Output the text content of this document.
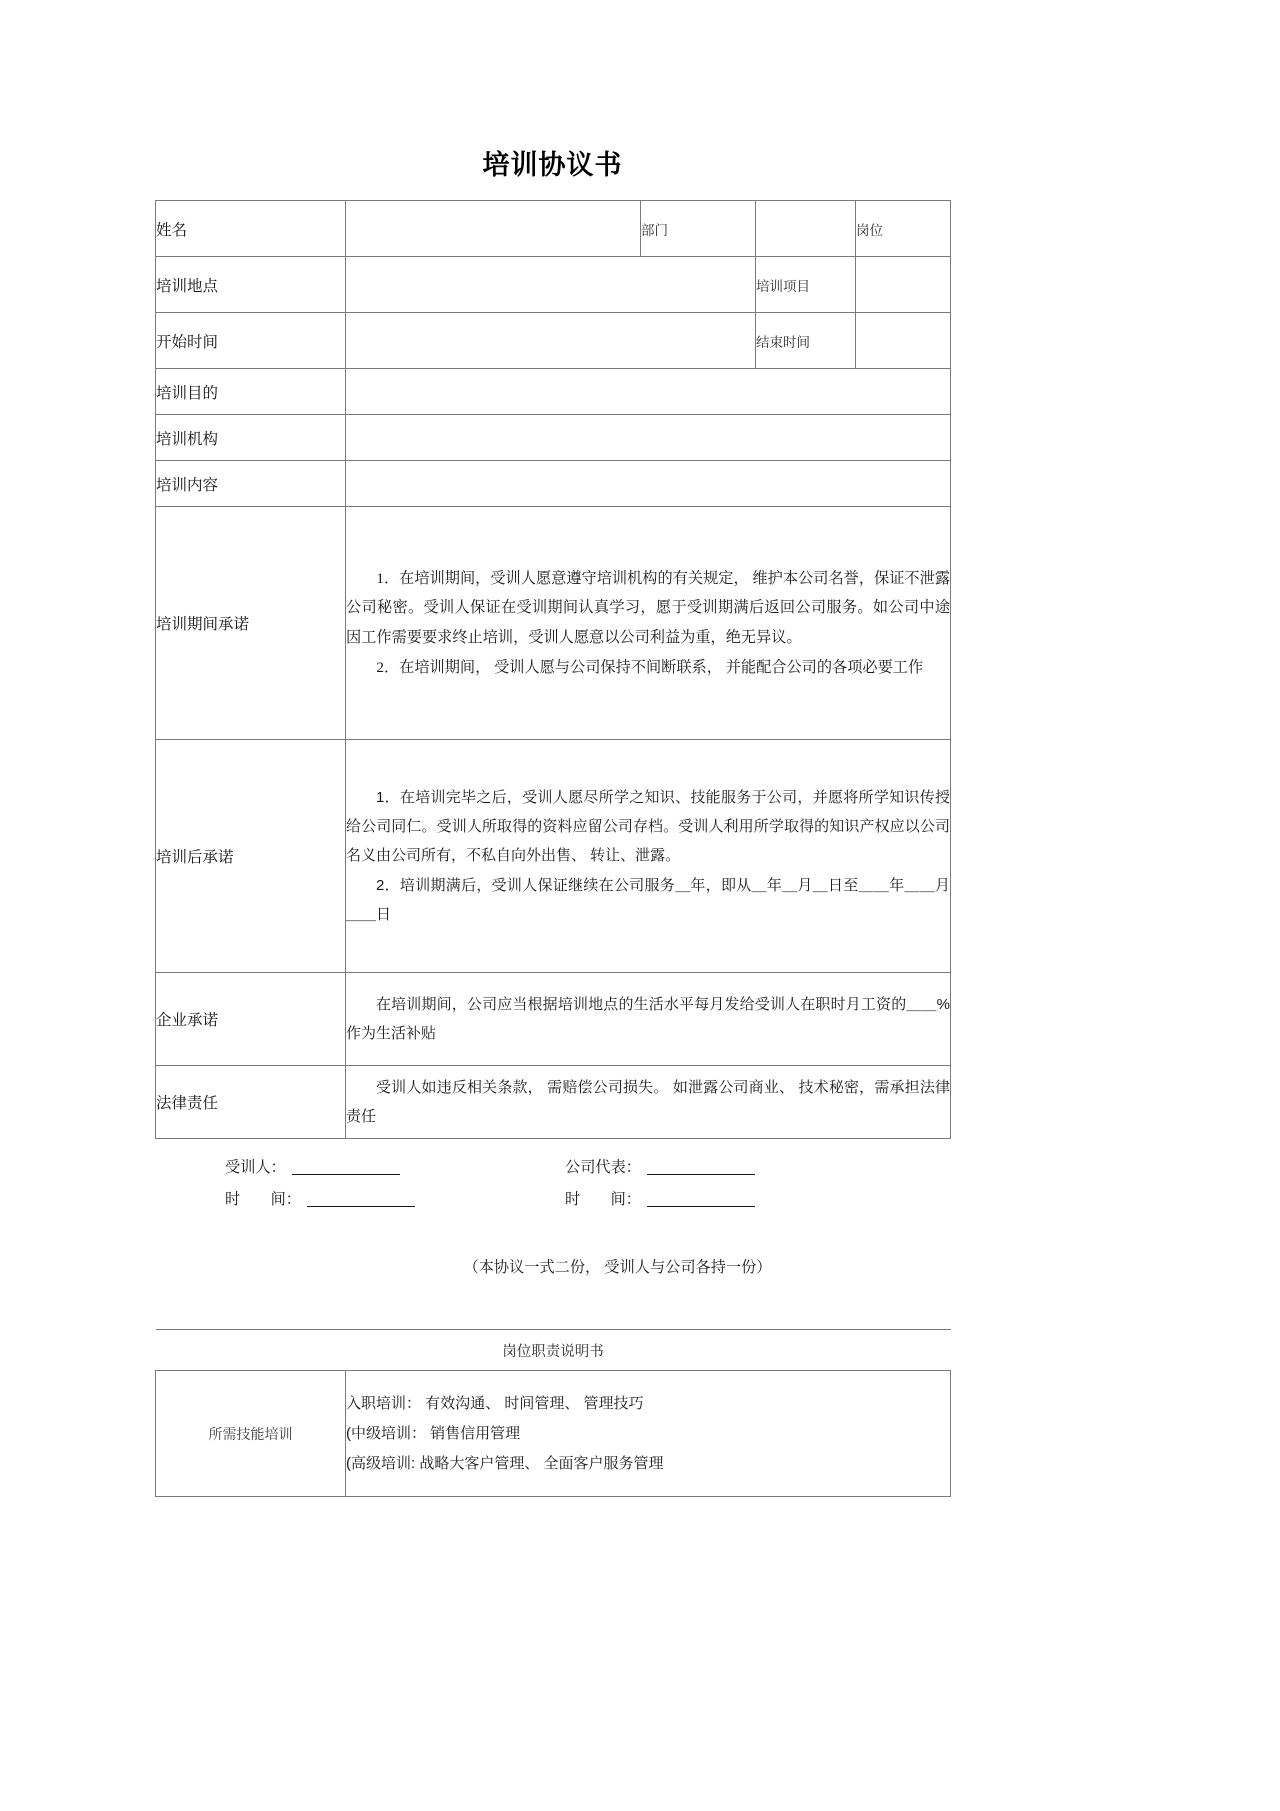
培训协议书
姓名		部门		岗位
培训地点			培训项目	
开始时间			结束时间	
培训目的				
培训机构				
培训内容				
培训期间承诺	1．在培训期间，受训人愿意遵守培训机构的有关规定， 维护本公司名誉，保证不泄露公司秘密。受训人保证在受训期间认真学习，愿于受训期满后返回公司服务。如公司中途因工作需要要求终止培训，受训人愿意以公司利益为重，绝无异议。

2．在培训期间， 受训人愿与公司保持不间断联系， 并能配合公司的各项必要工作			

培训后承诺	1．在培训完毕之后，受训人愿尽所学之知识、技能服务于公司，并愿将所学知识传授给公司同仁。受训人所取得的资料应留公司存档。受训人利用所学取得的知识产权应以公司名义由公司所有，不私自向外出售、 转让、泄露。

2．培训期满后，受训人保证继续在公司服务＿年，即从＿年＿月＿日至＿＿年＿＿月＿＿日			

企业承诺	在培训期间，公司应当根据培训地点的生活水平每月发给受训人在职时月工资的＿＿%作为生活补贴			

法律责任	受训人如违反相关条款， 需赔偿公司损失。 如泄露公司商业、 技术秘密，需承担法律责任			

受训人：
时　　间：
公司代表：
时　　间：
（本协议一式二份， 受训人与公司各持一份）
岗位职责说明书
所需技能培训	

入职培训： 有效沟通、 时间管理、 管理技巧

(中级培训： 销售信用管理

(高级培训: 战略大客户管理、 全面客户服务管理
